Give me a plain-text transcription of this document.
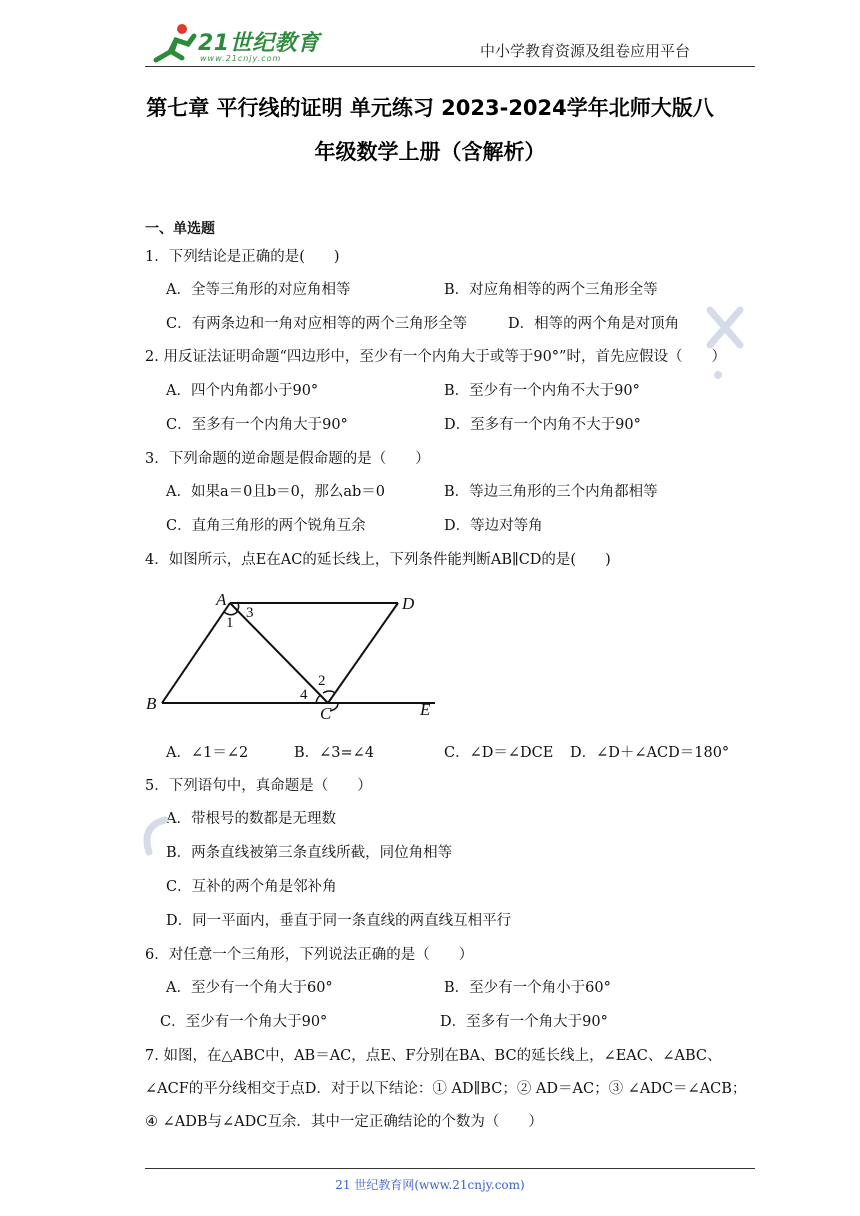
21世纪教育
www.21cnjy.com	中小学教育资源及组卷应用平台
第七章 平行线的证明 单元练习 2023-2024学年北师大版八
年级数学上册（含解析）
一、单选题
1．下列结论是正确的是(　　)
A．全等三角形的对应角相等	B．对应角相等的两个三角形全等
C．有两条边和一角对应相等的两个三角形全等	D．相等的两个角是对顶角
2. 用反证法证明命题“四边形中，至少有一个内角大于或等于90°”时，首先应假设（　　）
A．四个内角都小于90°	B．至少有一个内角不大于90°
C．至多有一个内角大于90°	D．至多有一个内角不大于90°
3．下列命题的逆命题是假命题的是（　　）
A．如果a＝0且b＝0，那么ab＝0	B．等边三角形的三个内角都相等
C．直角三角形的两个锐角互余	D．等边对等角
4．如图所示，点E在AC的延长线上，下列条件能判断AB∥CD的是(　　)
A	D
B
C	E
1
3
2
4
A．∠1＝∠2	B．∠3=∠4	C．∠D＝∠DCE D．∠D＋∠ACD＝180°
5．下列语句中，真命题是（　　）
A．带根号的数都是无理数
B．两条直线被第三条直线所截，同位角相等
C．互补的两个角是邻补角
D．同一平面内，垂直于同一条直线的两直线互相平行
6．对任意一个三角形，下列说法正确的是（　　）
A．至少有一个角大于60°	B．至少有一个角小于60°
C．至少有一个角大于90°	D．至多有一个角大于90°
7. 如图，在△ABC中，AB＝AC，点E、F分别在BA、BC的延长线上，∠EAC、∠ABC、
∠ACF的平分线相交于点D．对于以下结论：① AD∥BC；② AD＝AC；③ ∠ADC＝∠ACB；
④ ∠ADB与∠ADC互余．其中一定正确结论的个数为（　　）
21 世纪教育网(www.21cnjy.com)
